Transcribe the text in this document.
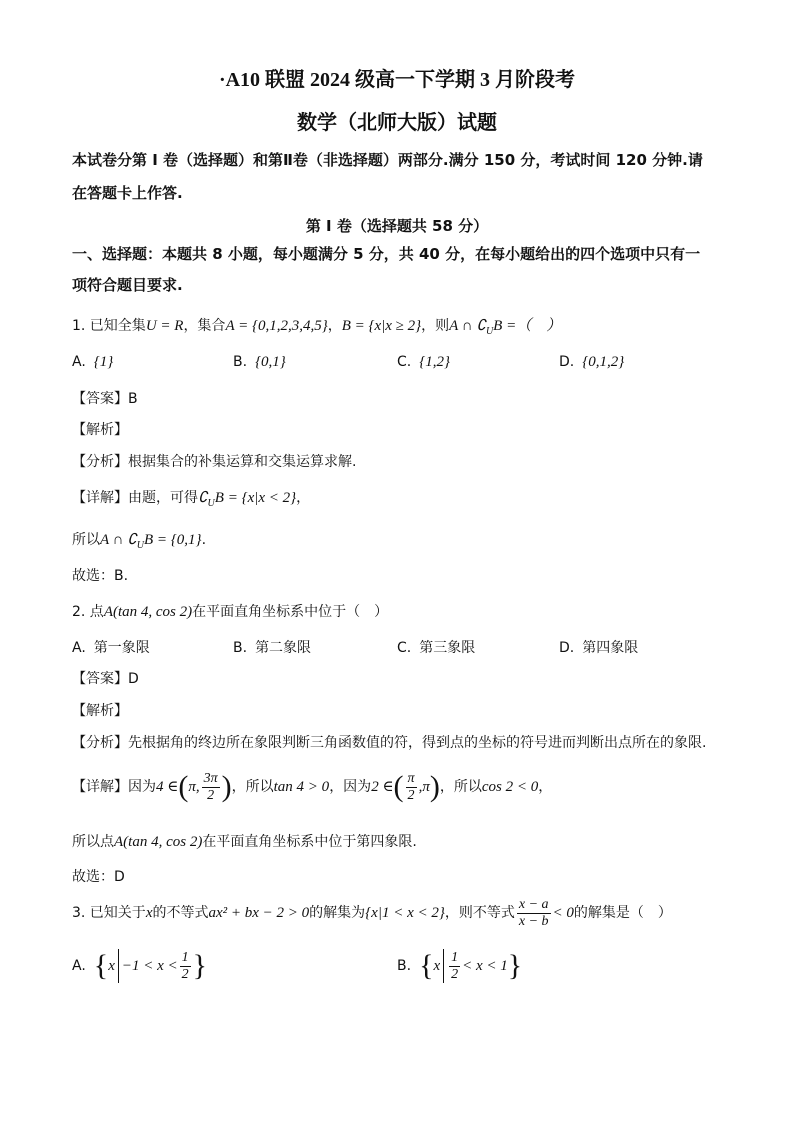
·A10 联盟 2024 级高一下学期 3 月阶段考
数学（北师大版）试题
本试卷分第 I 卷（选择题）和第Ⅱ卷（非选择题）两部分.满分 150 分，考试时间 120 分钟.请
在答题卡上作答.
第 I 卷（选择题共 58 分）
一、选择题：本题共 8 小题，每小题满分 5 分，共 40 分，在每小题给出的四个选项中只有一
项符合题目要求.
1. 已知全集U = R，集合A = {0,1,2,3,4,5}，B = {x|x ≥ 2}，则A ∩ $∁_UB$ =（　）
A. {1}	B. {0,1}	C. {1,2}	D. {0,1,2}
【答案】B
【解析】
【分析】根据集合的补集运算和交集运算求解.
【详解】由题，可得$∁_UB = \{x|x < 2\}$，
所以A ∩ $∁_UB = \{0,1\}$.
故选：B.
2. 点A(tan 4, cos 2)在平面直角坐标系中位于（　）
A. 第一象限	B. 第二象限	C. 第三象限	D. 第四象限
【答案】D
【解析】
【分析】先根据角的终边所在象限判断三角函数值的符，得到点的坐标的符号进而判断出点所在的象限.
【详解】因为4 ∈(π, $\frac{3\pi}{2}$ )，所以tan 4 > 0，因为2 ∈( $\frac{\pi}{2} ,\pi$)，所以cos 2 < 0，
所以点A(tan 4, cos 2)在平面直角坐标系中位于第四象限.
故选：D
3. 已知关于x的不等式ax² + bx − 2 > 0的解集为{x|1 < x < 2}，则不等式 $\frac{x - a}{x - b} < 0$的解集是（　）
A. {$x -1 < x < \frac{1}{2}$ }	B. $\{x \frac{1}{2} < x < 1\}$
